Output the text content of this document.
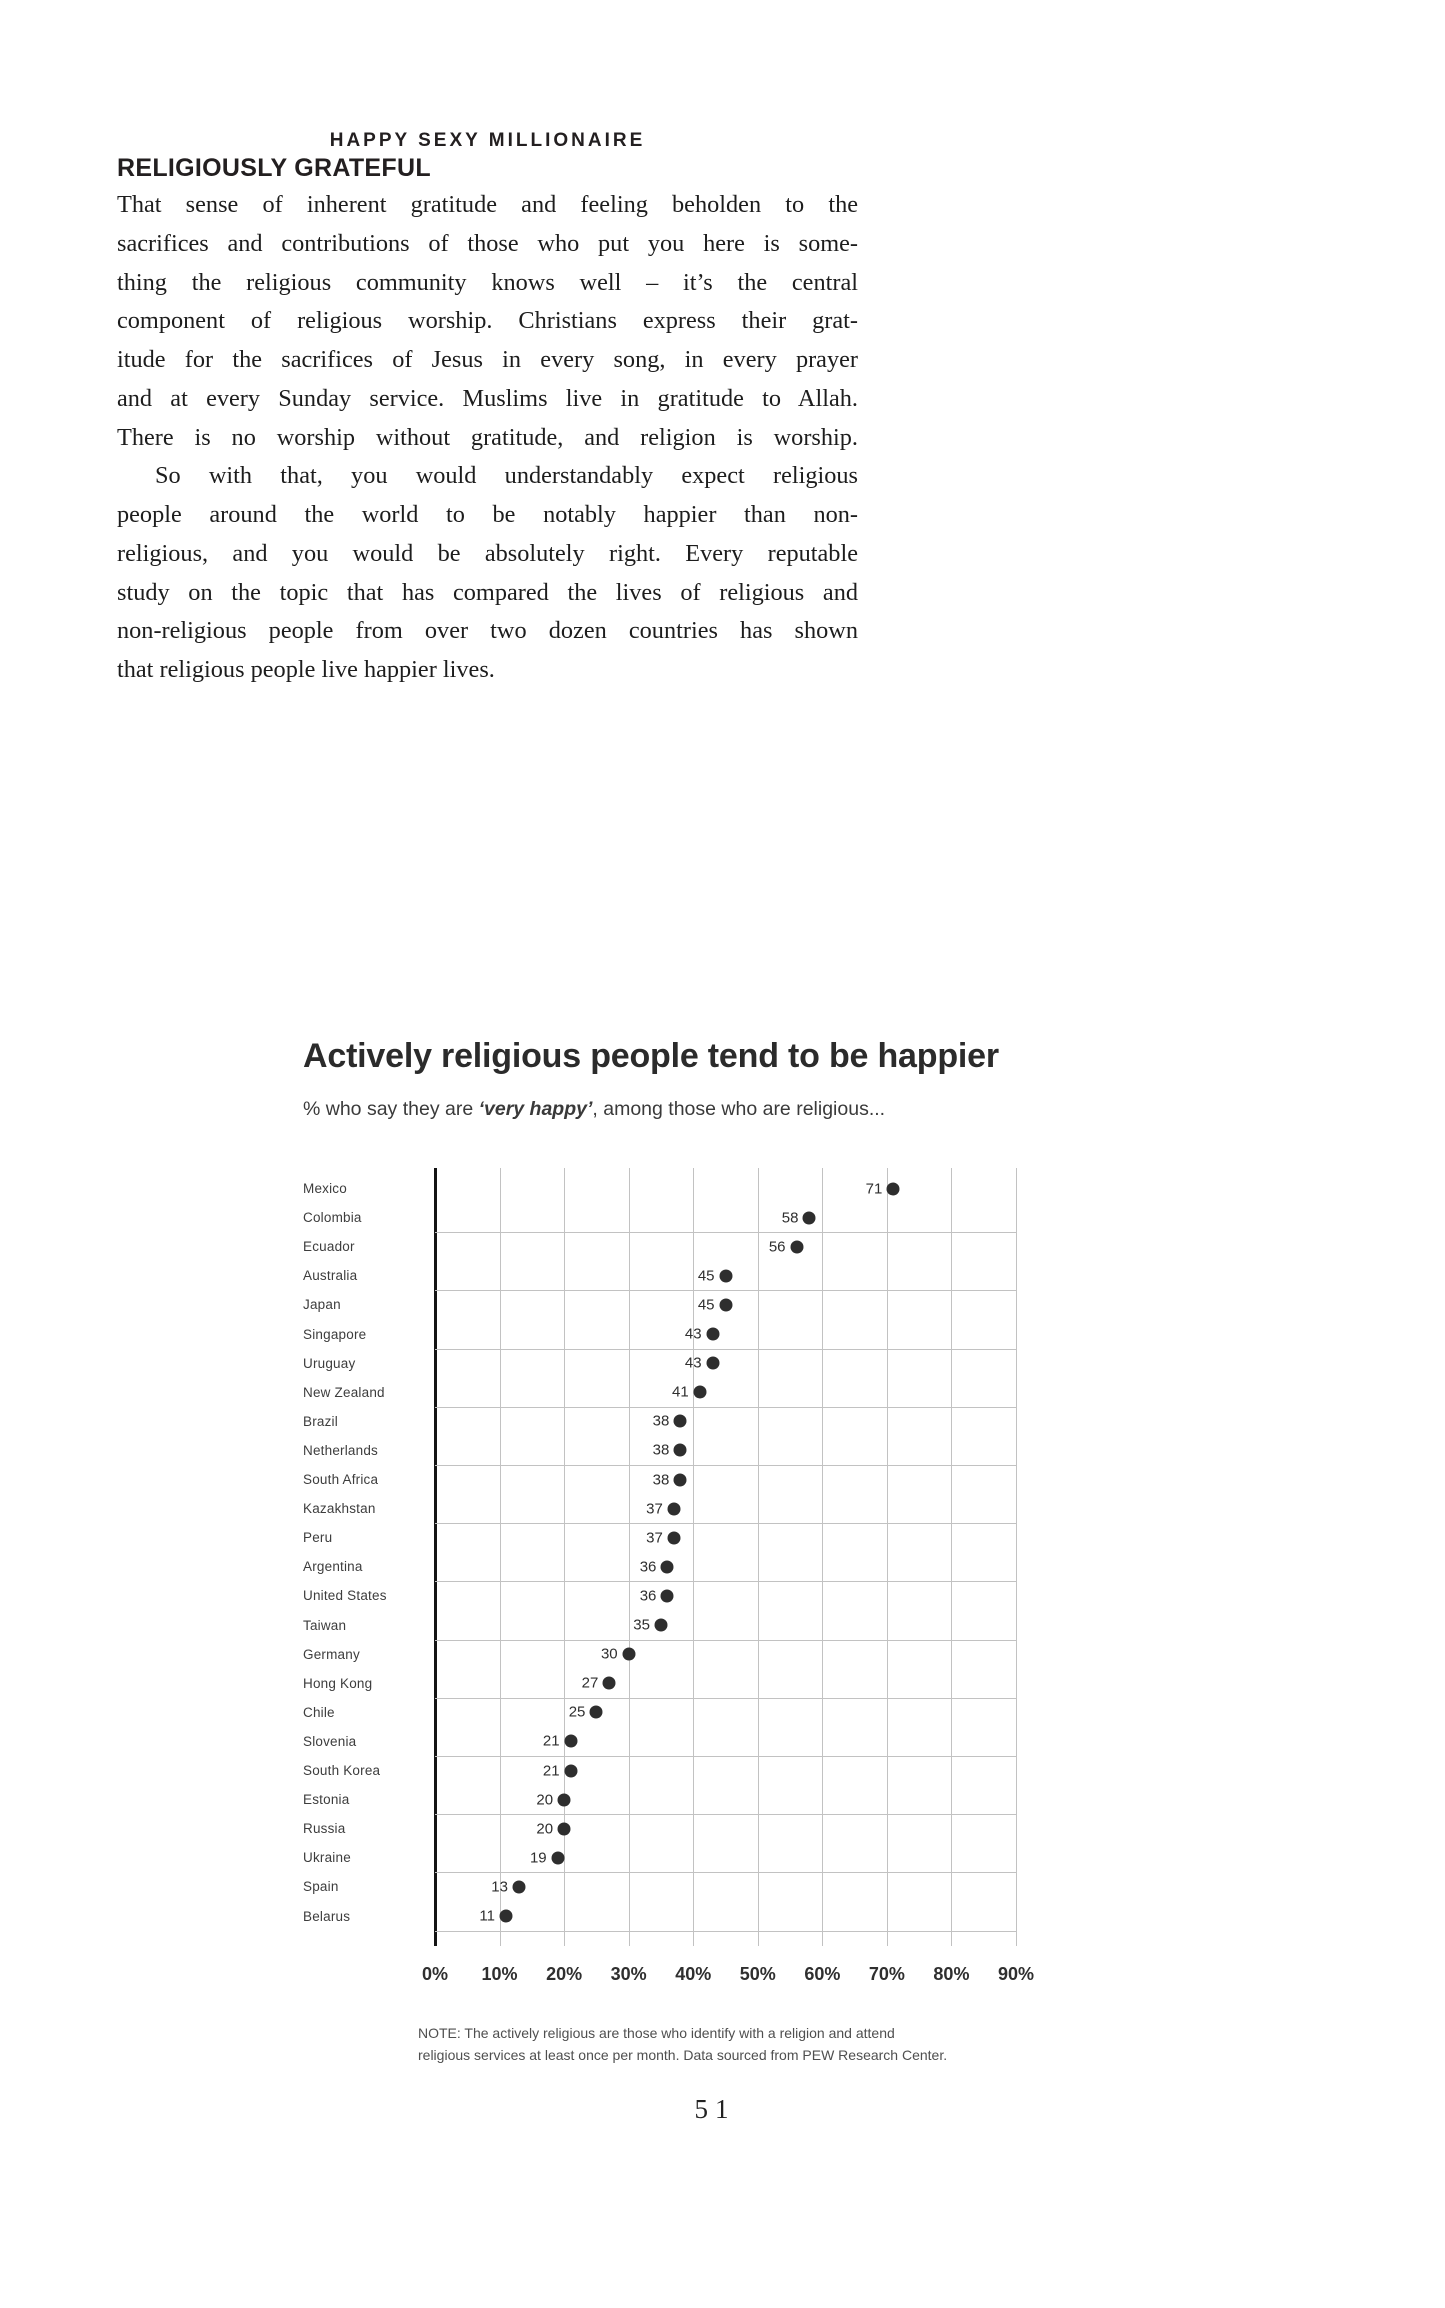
HAPPY SEXY MILLIONAIRE
RELIGIOUSLY GRATEFUL
That sense of inherent gratitude and feeling beholden to the
sacrifices and contributions of those who put you here is some-
thing the religious community knows well – it’s the central
component of religious worship. Christians express their grat-
itude for the sacrifices of Jesus in every song, in every prayer
and at every Sunday service. Muslims live in gratitude to Allah.
There is no worship without gratitude, and religion is worship.
So with that, you would understandably expect religious
people around the world to be notably happier than non-
religious, and you would be absolutely right. Every reputable
study on the topic that has compared the lives of religious and
non-religious people from over two dozen countries has shown
that religious people live happier lives.
Actively religious people tend to be happier
% who say they are ‘very happy’, among those who are religious...
Mexico
Colombia
Ecuador
Australia
Japan
Singapore
Uruguay
New Zealand
Brazil
Netherlands
South Africa
Kazakhstan
Peru
Argentina
United States
Taiwan
Germany
Hong Kong
Chile
Slovenia
South Korea
Estonia
Russia
Ukraine
Spain
Belarus
71
58
56
45
45
43
43
41
38
38
38
37
37
36
36
35
30
27
25
21
21
20
20
19
13
11
0% 10% 20% 30% 40% 50% 60% 70% 80% 90%
NOTE: The actively religious are those who identify with a religion and attend
religious services at least once per month. Data sourced from PEW Research Center.
51
